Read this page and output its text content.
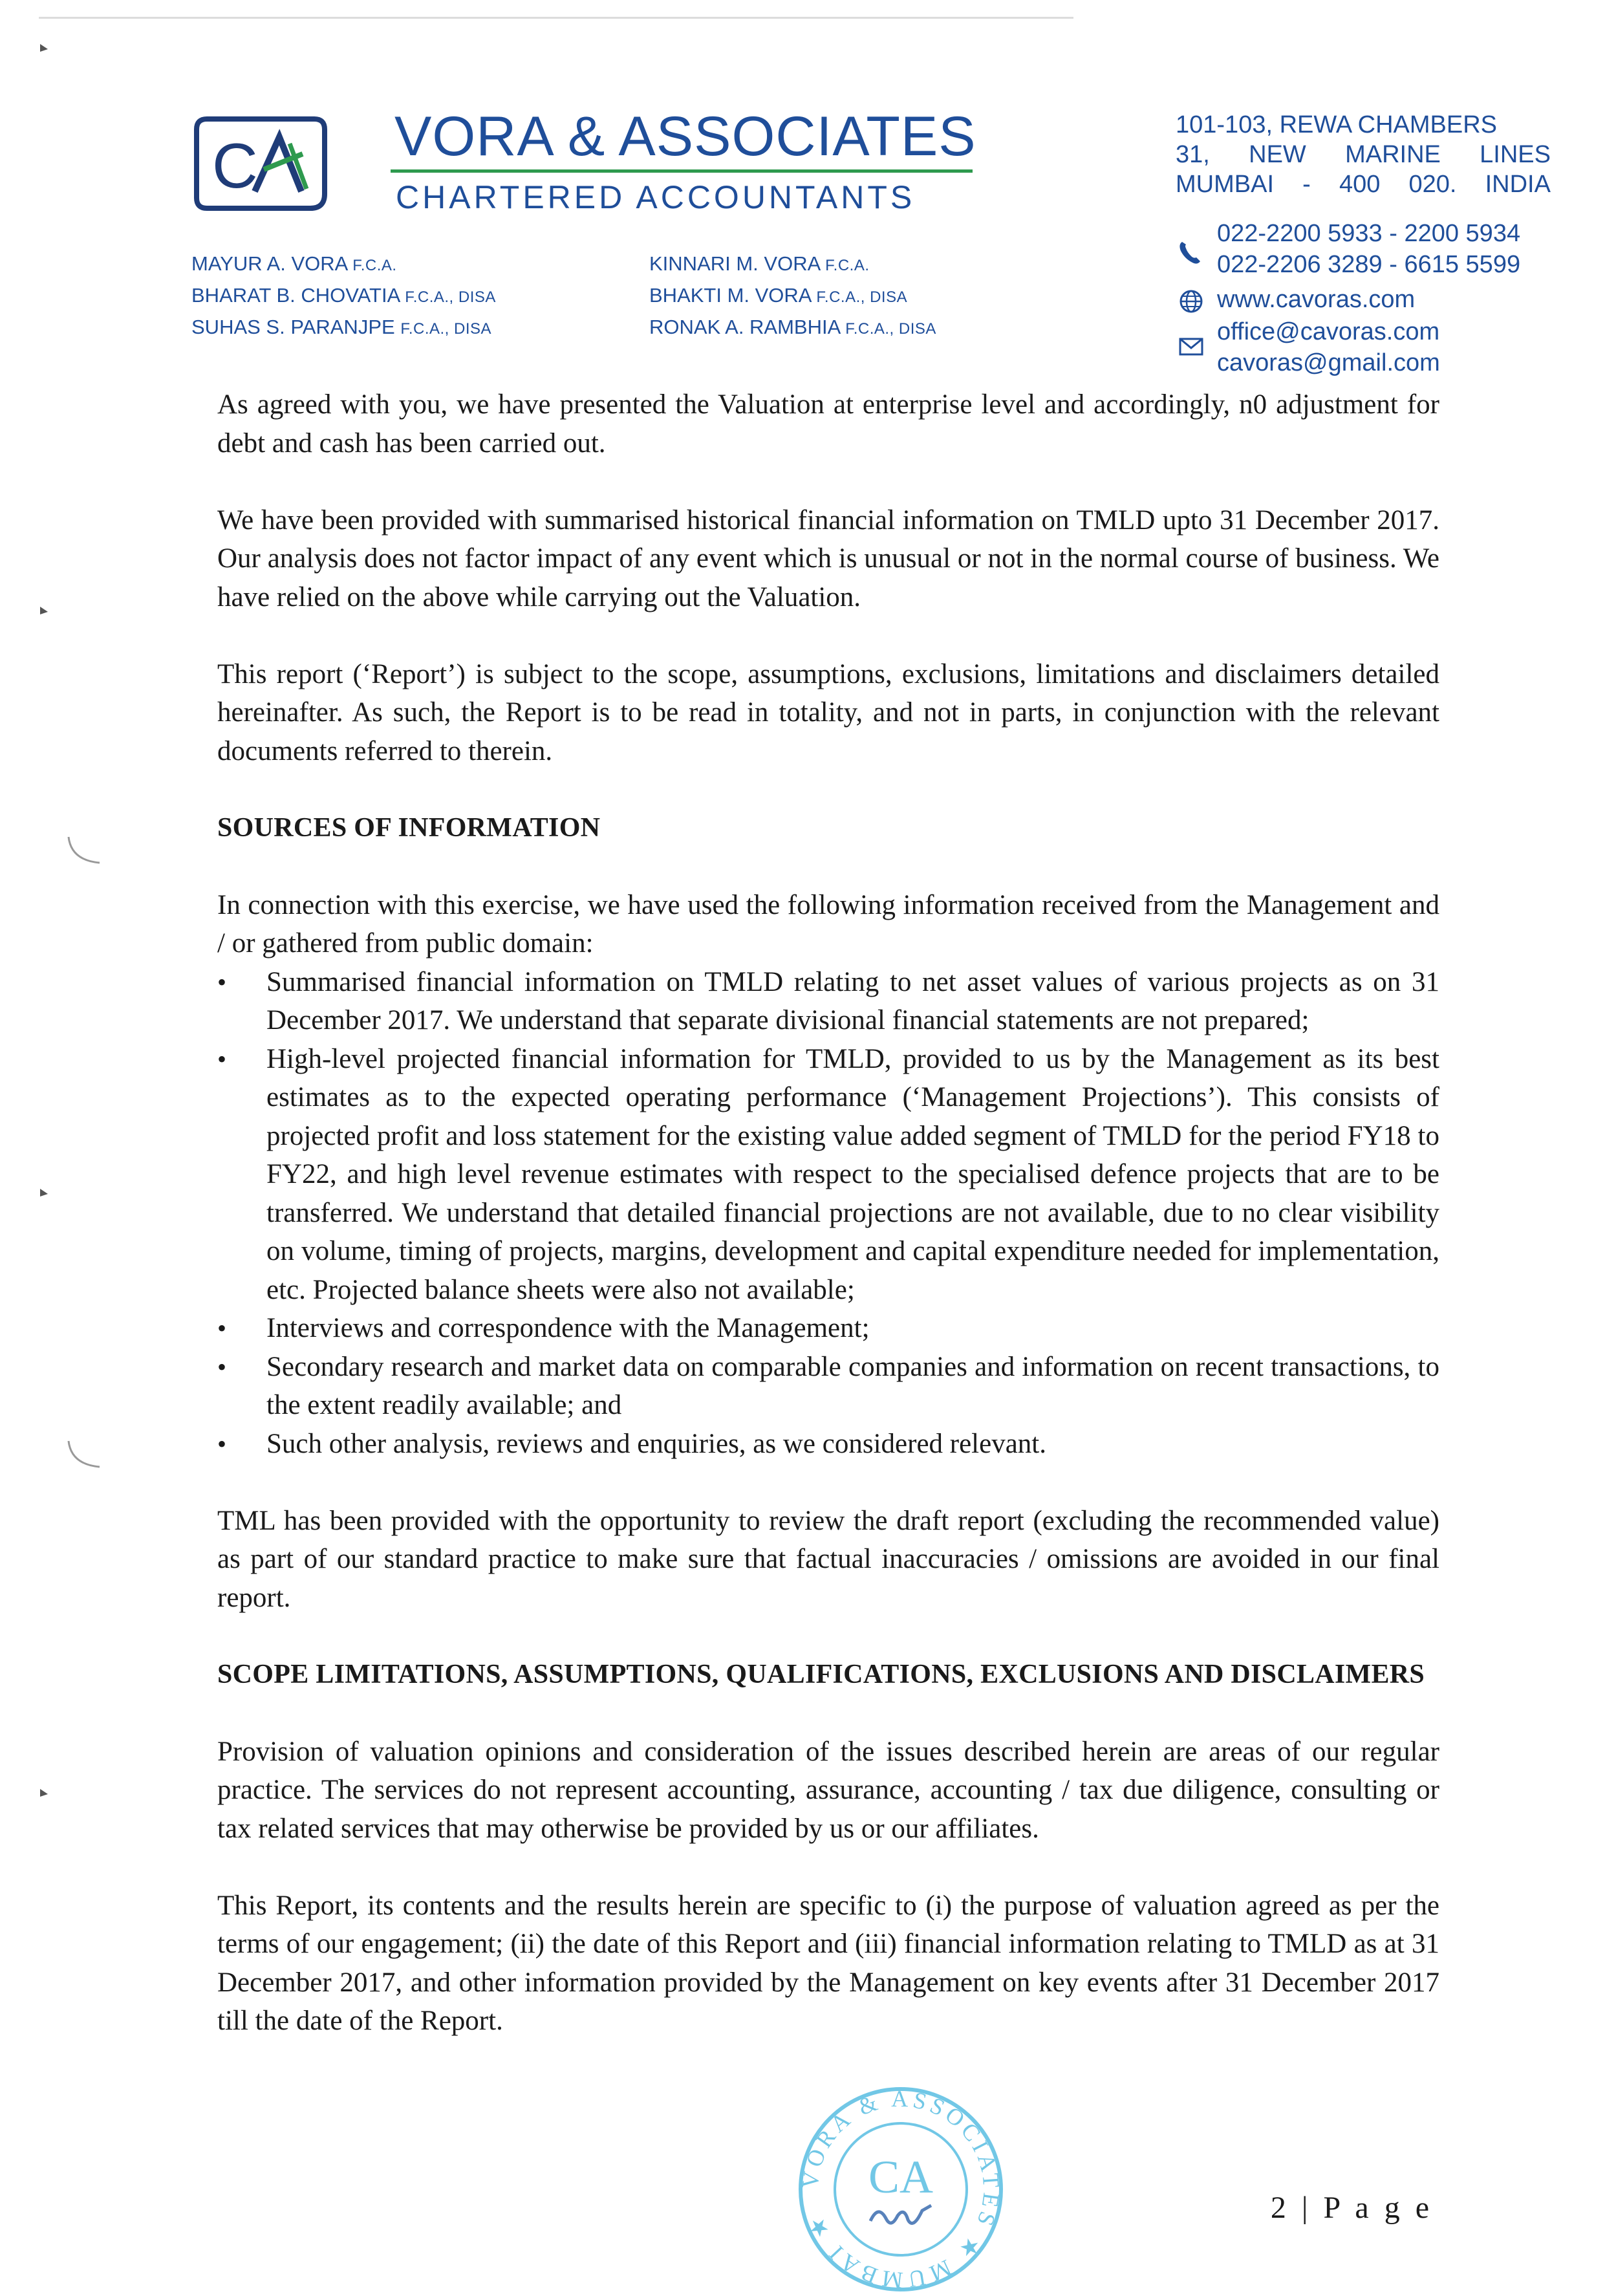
C VORA & ASSOCIATES
CHARTERED ACCOUNTANTS
101-103, REWA CHAMBERS
31, NEW MARINE LINES
MUMBAI - 400 020. INDIA
MAYUR A. VORA F.C.A.
BHARAT B. CHOVATIA F.C.A., DISA
SUHAS S. PARANJPE F.C.A., DISA
KINNARI M. VORA F.C.A.
BHAKTI M. VORA F.C.A., DISA
RONAK A. RAMBHIA F.C.A., DISA
022-2200 5933 - 2200 5934
022-2206 3289 - 6615 5599
www.cavoras.com
office@cavoras.com
cavoras@gmail.com

As agreed with you, we have presented the Valuation at enterprise level and accordingly, n0 adjustment for debt and cash has been carried out.

We have been provided with summarised historical financial information on TMLD upto 31 December 2017. Our analysis does not factor impact of any event which is unusual or not in the normal course of business. We have relied on the above while carrying out the Valuation.

This report (‘Report’) is subject to the scope, assumptions, exclusions, limitations and disclaimers detailed hereinafter. As such, the Report is to be read in totality, and not in parts, in conjunction with the relevant documents referred to therein.

SOURCES OF INFORMATION

In connection with this exercise, we have used the following information received from the Management and / or gathered from public domain:

• Summarised financial information on TMLD relating to net asset values of various projects as on 31 December 2017. We understand that separate divisional financial statements are not prepared;
• High-level projected financial information for TMLD, provided to us by the Management as its best estimates as to the expected operating performance (‘Management Projections’). This consists of projected profit and loss statement for the existing value added segment of TMLD for the period FY18 to FY22, and high level revenue estimates with respect to the specialised defence projects that are to be transferred. We understand that detailed financial projections are not available, due to no clear visibility on volume, timing of projects, margins, development and capital expenditure needed for implementation, etc. Projected balance sheets were also not available;
• Interviews and correspondence with the Management;
• Secondary research and market data on comparable companies and information on recent transactions, to the extent readily available; and
• Such other analysis, reviews and enquiries, as we considered relevant.

TML has been provided with the opportunity to review the draft report (excluding the recommended value) as part of our standard practice to make sure that factual inaccuracies / omissions are avoided in our final report.

SCOPE LIMITATIONS, ASSUMPTIONS, QUALIFICATIONS, EXCLUSIONS AND DISCLAIMERS

Provision of valuation opinions and consideration of the issues described herein are areas of our regular practice. The services do not represent accounting, assurance, accounting / tax due diligence, consulting or tax related services that may otherwise be provided by us or our affiliates.

This Report, its contents and the results herein are specific to (i) the purpose of valuation agreed as per the terms of our engagement; (ii) the date of this Report and (iii) financial information relating to TMLD as at 31 December 2017, and other information provided by the Management on key events after 31 December 2017 till the date of the Report.

2 | P a g e
VORA & ASSOCIATES ★ MUMBAI ★
CA
